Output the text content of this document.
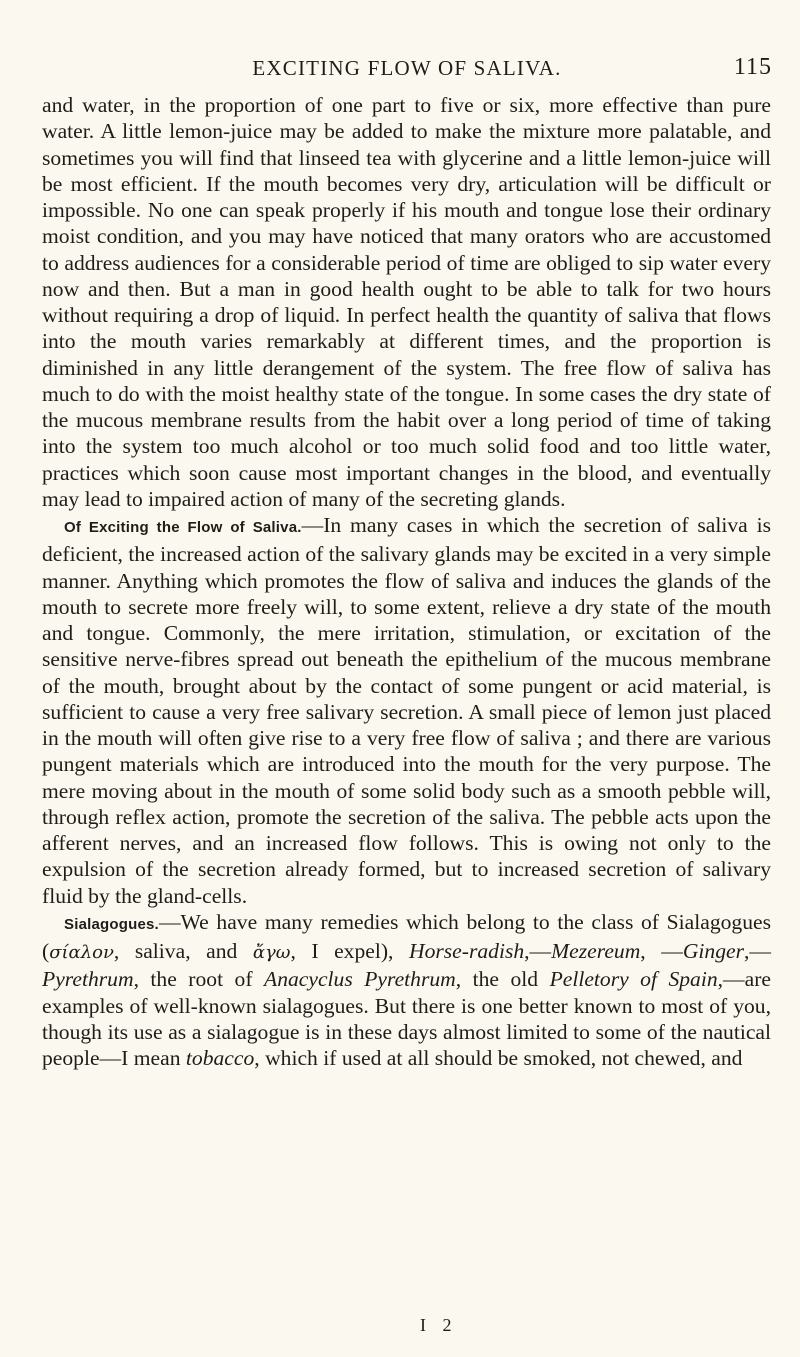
EXCITING FLOW OF SALIVA.	115

and water, in the proportion of one part to five or six, more effective than pure water. A little lemon-juice may be added to make the mixture more palatable, and sometimes you will find that linseed tea with glycerine and a little lemon-juice will be most efficient. If the mouth becomes very dry, articulation will be difficult or impossible. No one can speak properly if his mouth and tongue lose their ordinary moist condition, and you may have noticed that many orators who are accustomed to address audiences for a considerable period of time are obliged to sip water every now and then. But a man in good health ought to be able to talk for two hours without requiring a drop of liquid. In perfect health the quantity of saliva that flows into the mouth varies remarkably at different times, and the proportion is diminished in any little derangement of the system. The free flow of saliva has much to do with the moist healthy state of the tongue. In some cases the dry state of the mucous membrane results from the habit over a long period of time of taking into the system too much alcohol or too much solid food and too little water, practices which soon cause most important changes in the blood, and eventually may lead to impaired action of many of the secreting glands.

Of Exciting the Flow of Saliva.—In many cases in which the secretion of saliva is deficient, the increased action of the salivary glands may be excited in a very simple manner. Anything which promotes the flow of saliva and induces the glands of the mouth to secrete more freely will, to some extent, relieve a dry state of the mouth and tongue. Commonly, the mere irritation, stimulation, or excitation of the sensitive nerve-fibres spread out beneath the epithelium of the mucous membrane of the mouth, brought about by the contact of some pungent or acid material, is sufficient to cause a very free salivary secretion. A small piece of lemon just placed in the mouth will often give rise to a very free flow of saliva ; and there are various pungent materials which are introduced into the mouth for the very purpose. The mere moving about in the mouth of some solid body such as a smooth pebble will, through reflex action, promote the secretion of the saliva. The pebble acts upon the afferent nerves, and an increased flow follows. This is owing not only to the expulsion of the secretion already formed, but to increased secretion of salivary fluid by the gland-cells.

Sialagogues.—We have many remedies which belong to the class of Sialagogues (σίαλον, saliva, and ἄγω, I expel), Horse-radish,—Mezereum, —Ginger,—Pyrethrum, the root of Anacyclus Pyrethrum, the old Pelletory of Spain,—are examples of well-known sialagogues. But there is one better known to most of you, though its use as a sialagogue is in these days almost limited to some of the nautical people—I mean tobacco, which if used at all should be smoked, not chewed, and

I 2
